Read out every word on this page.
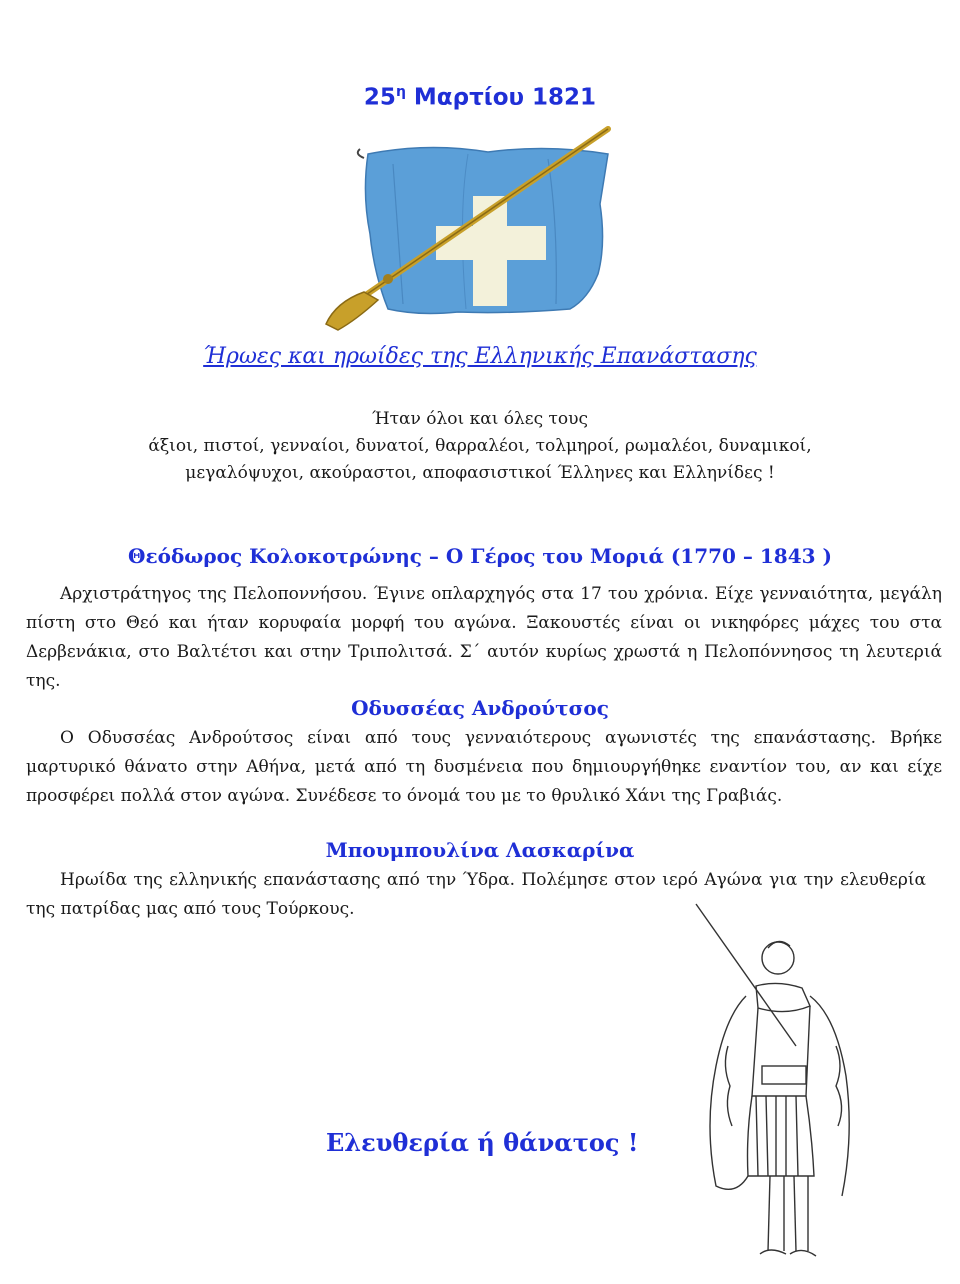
$25^\eta$ Μαρτίου 1821
Ήρωες και ηρωίδες της Ελληνικής Επανάστασης
Ήταν όλοι και όλες τους
άξιοι, πιστοί, γενναίοι, δυνατοί, θαρραλέοι, τολμηροί, ρωμαλέοι, δυναμικοί,
μεγαλόψυχοι, ακούραστοι, αποφασιστικοί Έλληνες και Ελληνίδες !
Θεόδωρος Κολοκοτρώνης – Ο Γέρος του Μοριά (1770 – 1843 )
Αρχιστράτηγος της Πελοποννήσου. Έγινε οπλαρχηγός στα 17 του χρόνια. Είχε γενναιότητα, μεγάλη πίστη στο Θεό και ήταν κορυφαία μορφή του αγώνα. Ξακουστές είναι οι νικηφόρες μάχες του στα Δερβενάκια, στο Βαλτέτσι και στην Τριπολιτσά. Σ΄ αυτόν κυρίως χρωστά η Πελοπόννησος τη λευτεριά της.
Οδυσσέας Ανδρούτσος
Ο Οδυσσέας Ανδρούτσος είναι από τους γενναιότερους αγωνιστές της επανάστασης. Βρήκε μαρτυρικό θάνατο στην Αθήνα, μετά από τη δυσμένεια που δημιουργήθηκε εναντίον του, αν και είχε προσφέρει πολλά στον αγώνα. Συνέδεσε το όνομά του με το θρυλικό Χάνι της Γραβιάς.
Μπουμπουλίνα Λασκαρίνα
Ηρωίδα της ελληνικής επανάστασης από την Ύδρα. Πολέμησε στον ιερό Αγώνα για την ελευθερία της πατρίδας μας από τους Τούρκους.
Ελευθερία ή θάνατος !
